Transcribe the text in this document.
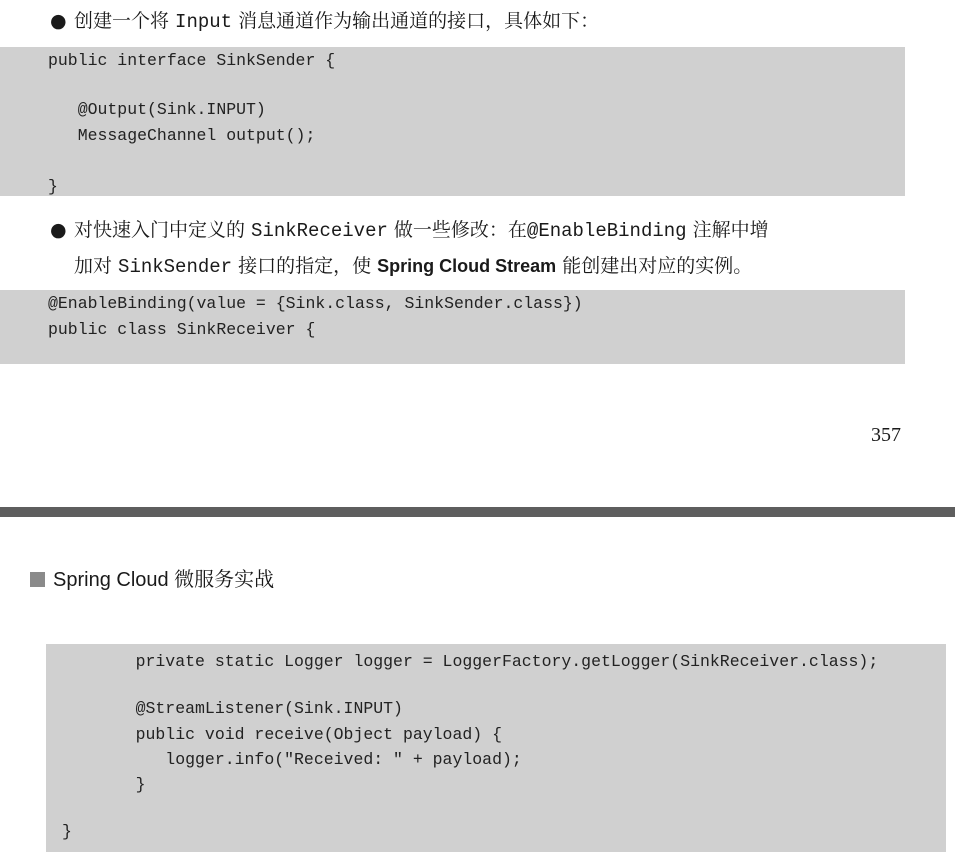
● 创建一个将 Input 消息通道作为输出通道的接口，具体如下：
public interface SinkSender {
@Output(Sink.INPUT)
MessageChannel output();
}
● 对快速入门中定义的 SinkReceiver 做一些修改：在@EnableBinding 注解中增
加对 SinkSender 接口的指定，使 Spring Cloud Stream 能创建出对应的实例。
@EnableBinding(value = {Sink.class, SinkSender.class})
public class SinkReceiver {
357
Spring Cloud 微服务实战
private static Logger logger = LoggerFactory.getLogger(SinkReceiver.class);
@StreamListener(Sink.INPUT)
public void receive(Object payload) {
logger.info("Received: " + payload);
}
}
